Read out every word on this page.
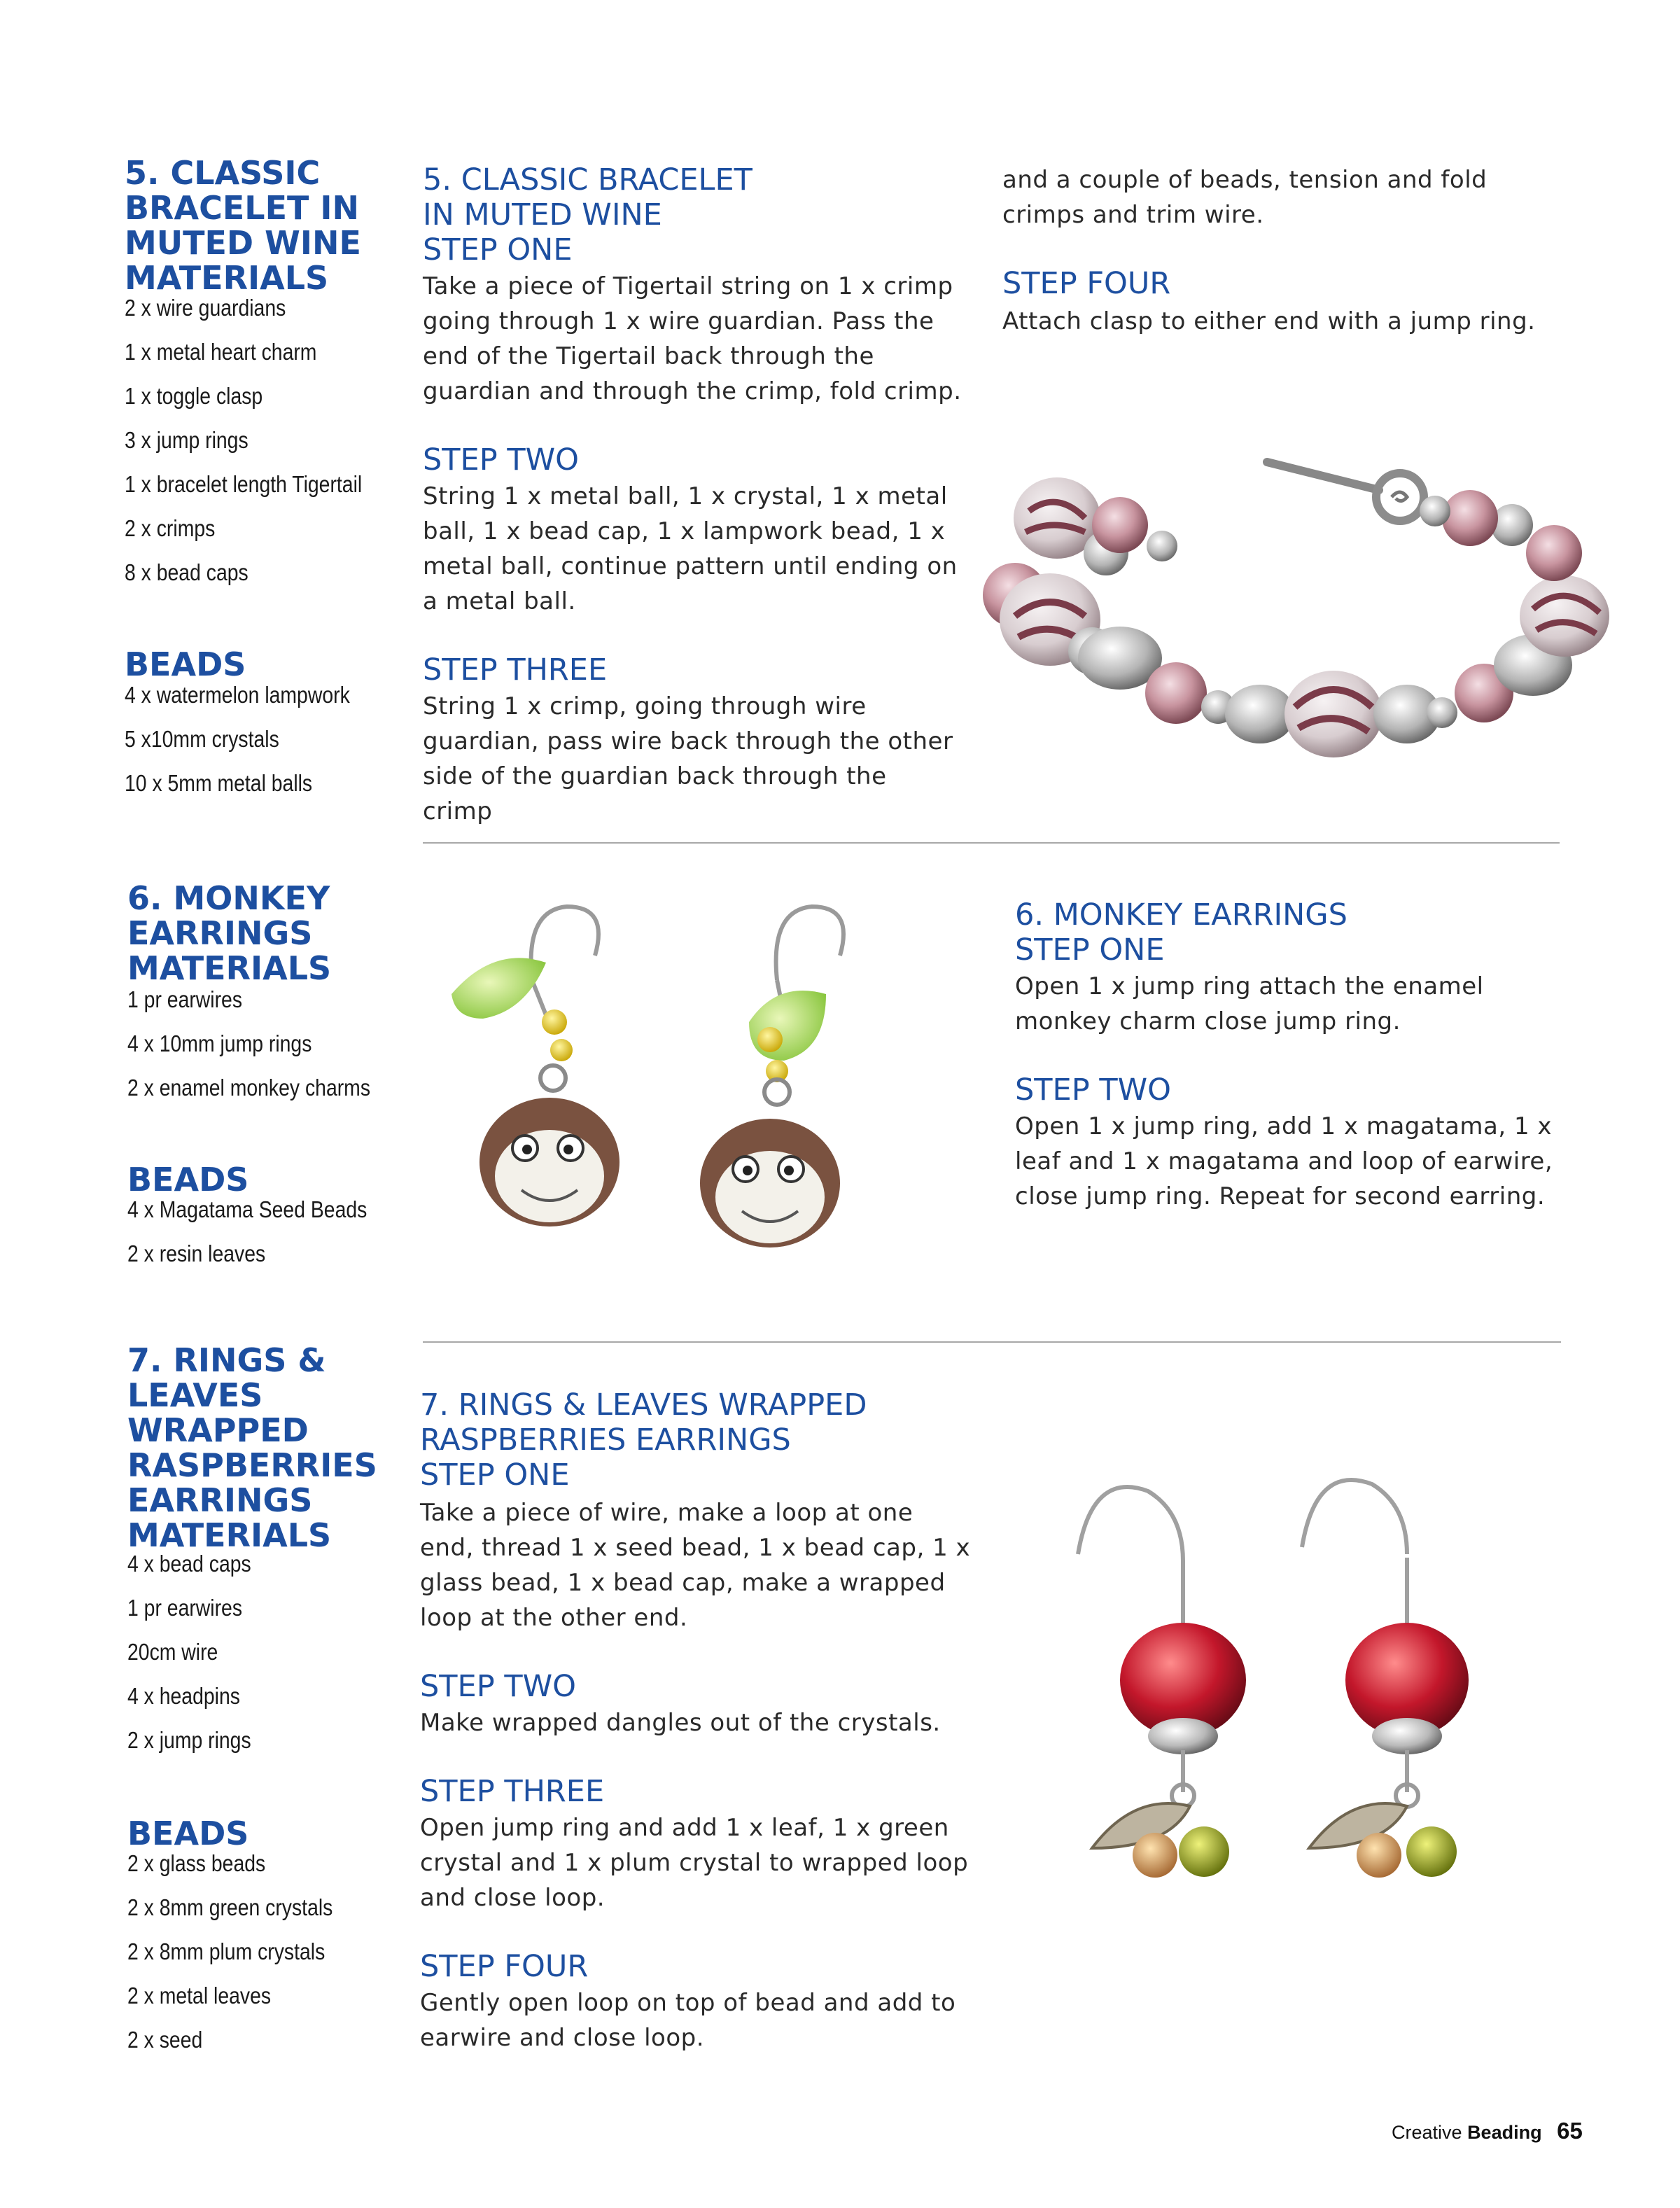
5. CLASSIC BRACELET IN MUTED WINE MATERIALS
2 x wire guardians
1 x metal heart charm
1 x toggle clasp
3 x jump rings
1 x bracelet length Tigertail
2 x crimps
8 x bead caps
BEADS
4 x watermelon lampwork
5 x10mm crystals
10 x 5mm metal balls
5. CLASSIC BRACELET IN MUTED WINE
STEP ONE
Take a piece of Tigertail string on 1 x crimp going through 1 x wire guardian. Pass the end of the Tigertail back through the guardian and through the crimp, fold crimp.
STEP TWO
String 1 x metal ball, 1 x crystal, 1 x metal ball, 1 x bead cap, 1 x lampwork bead, 1 x metal ball, continue pattern until ending on a metal ball.
STEP THREE
String 1 x crimp, going through wire guardian, pass wire back through the other side of the guardian back through the crimp
and a couple of beads, tension and fold crimps and trim wire.
STEP FOUR
Attach clasp to either end with a jump ring.
6. MONKEY EARRINGS MATERIALS
1 pr earwires
4 x 10mm jump rings
2 x enamel monkey charms
BEADS
4 x Magatama Seed Beads
2 x resin leaves
6. MONKEY EARRINGS
STEP ONE
Open 1 x jump ring attach the enamel monkey charm close jump ring.
STEP TWO
Open 1 x jump ring, add 1 x magatama, 1 x leaf and 1 x magatama and loop of earwire, close jump ring. Repeat for second earring.
7. RINGS & LEAVES WRAPPED RASPBERRIES EARRINGS MATERIALS
4 x bead caps
1 pr earwires
20cm wire
4 x headpins
2 x jump rings
BEADS
2 x glass beads
2 x 8mm green crystals
2 x 8mm plum crystals
2 x metal leaves
2 x seed
7. RINGS & LEAVES WRAPPED RASPBERRIES EARRINGS
STEP ONE
Take a piece of wire, make a loop at one end, thread 1 x seed bead, 1 x bead cap, 1 x glass bead, 1 x bead cap, make a wrapped loop at the other end.
STEP TWO
Make wrapped dangles out of the crystals.
STEP THREE
Open jump ring and add 1 x leaf, 1 x green crystal and 1 x plum crystal to wrapped loop and close loop.
STEP FOUR
Gently open loop on top of bead and add to earwire and close loop.
Creative Beading 65
